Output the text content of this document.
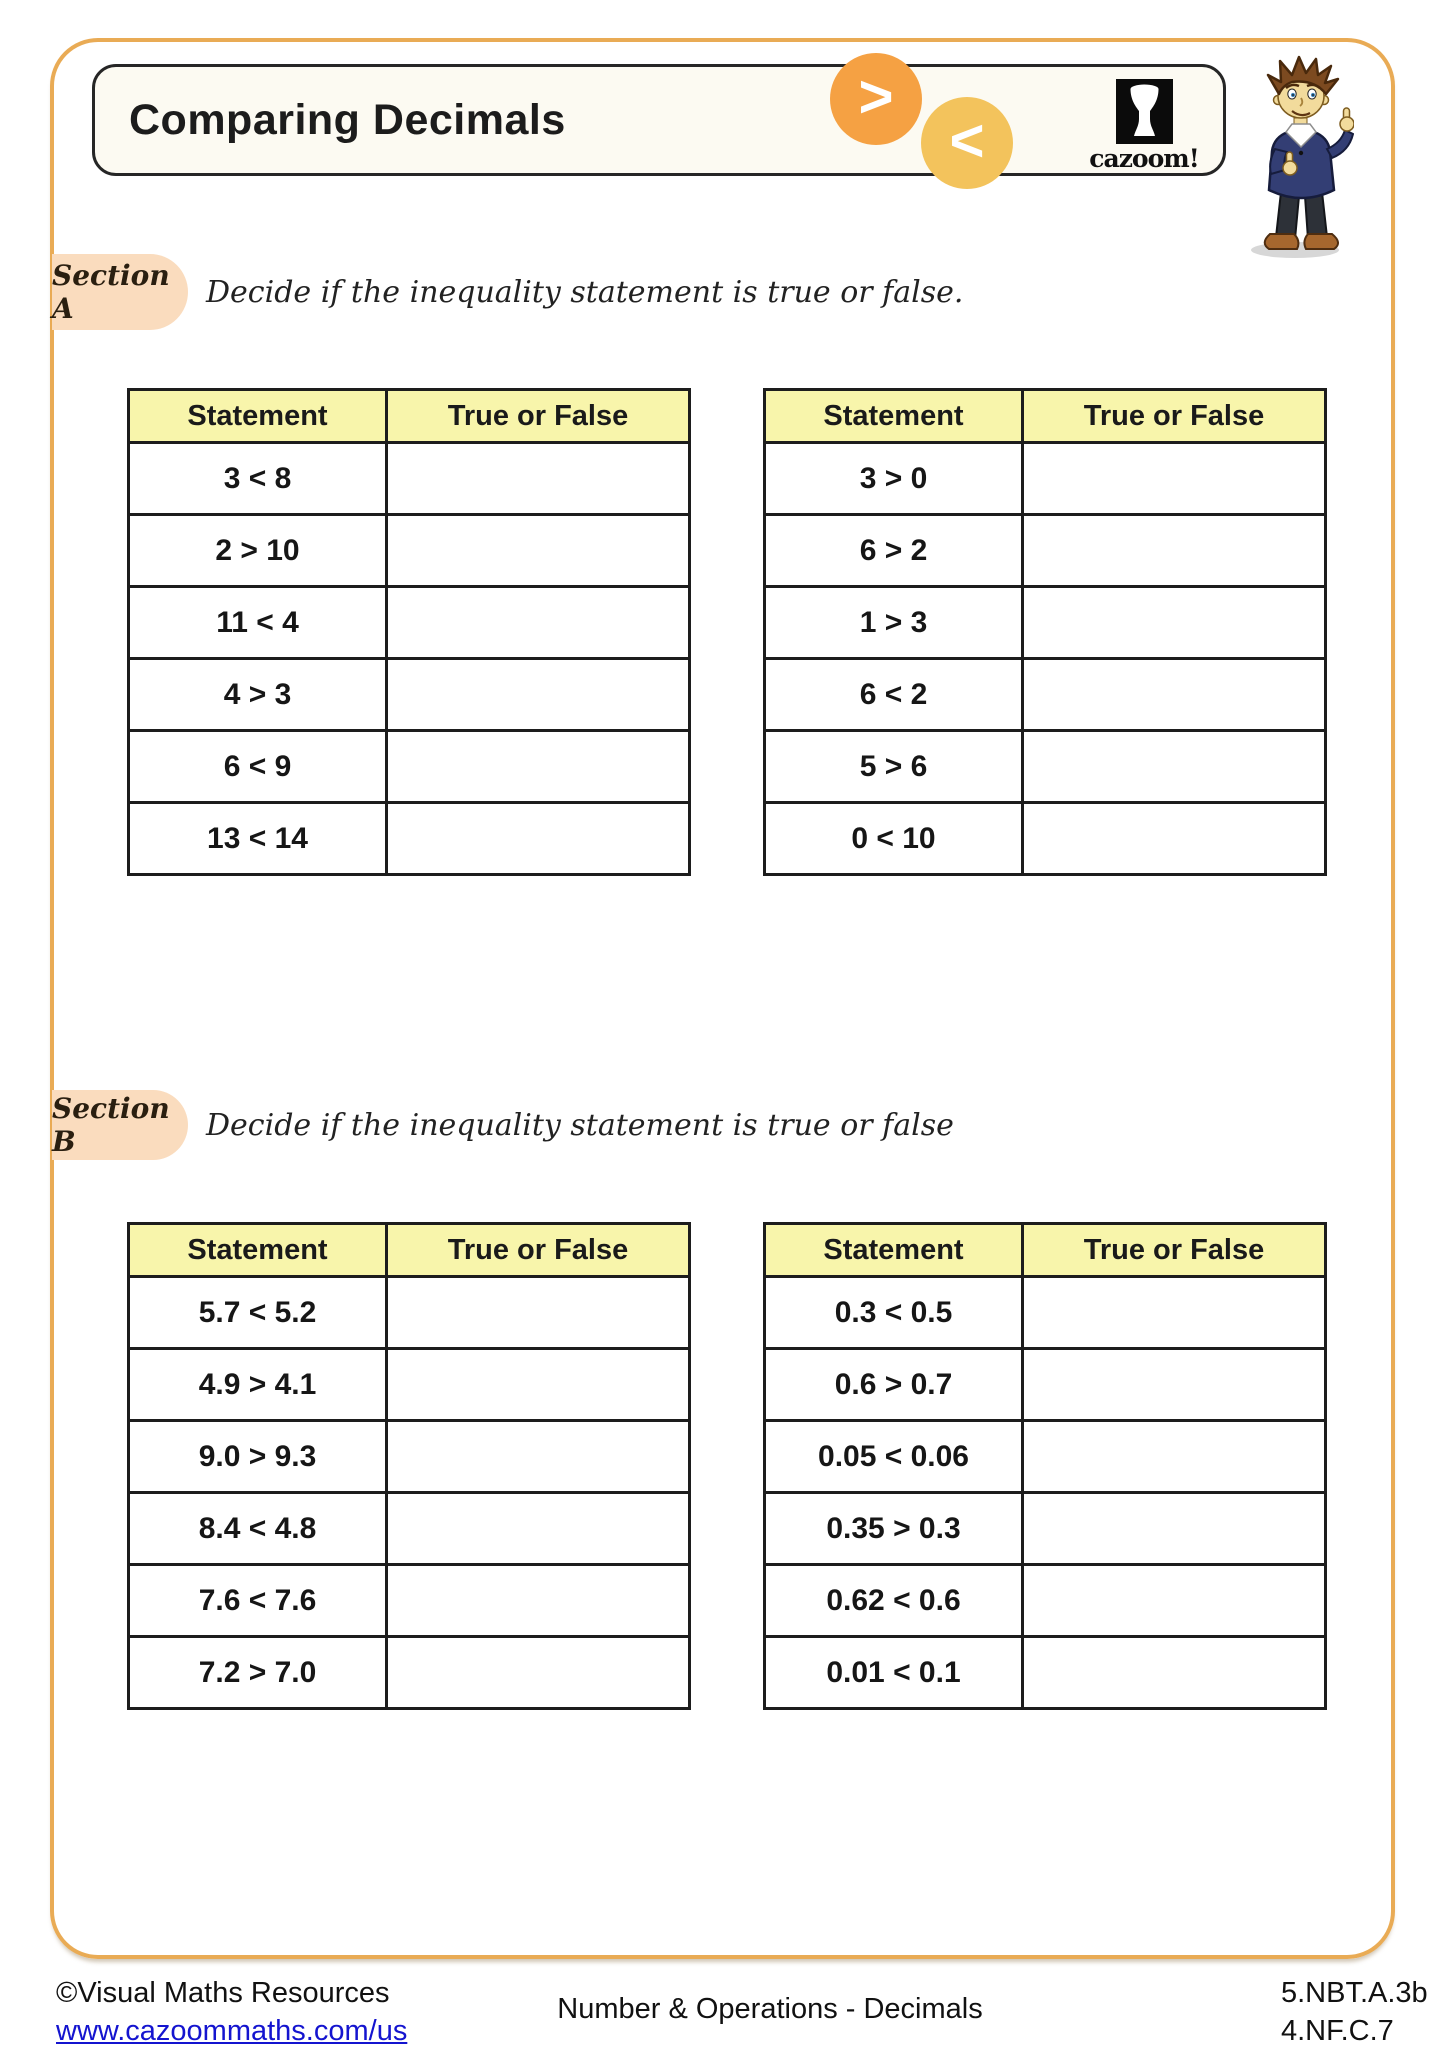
Comparing Decimals
cazoom!
>
<
Section A	Decide if the inequality statement is true or false.
Statement	True or False
3 < 8	
2 > 10	
11 < 4	
4 > 3	
6 < 9	
13 < 14	
Statement	True or False
3 > 0	
6 > 2	
1 > 3	
6 < 2	
5 > 6	
0 < 10	
Section B	Decide if the inequality statement is true or false
Statement	True or False
5.7 < 5.2	
4.9 > 4.1	
9.0 > 9.3	
8.4 < 4.8	
7.6 < 7.6	
7.2 > 7.0	
Statement	True or False
0.3 < 0.5	
0.6 > 0.7	
0.05 < 0.06	
0.35 > 0.3	
0.62 < 0.6	
0.01 < 0.1	
©Visual Maths Resources
www.cazoommaths.com/us
Number & Operations - Decimals	5.NBT.A.3b
4.NF.C.7
